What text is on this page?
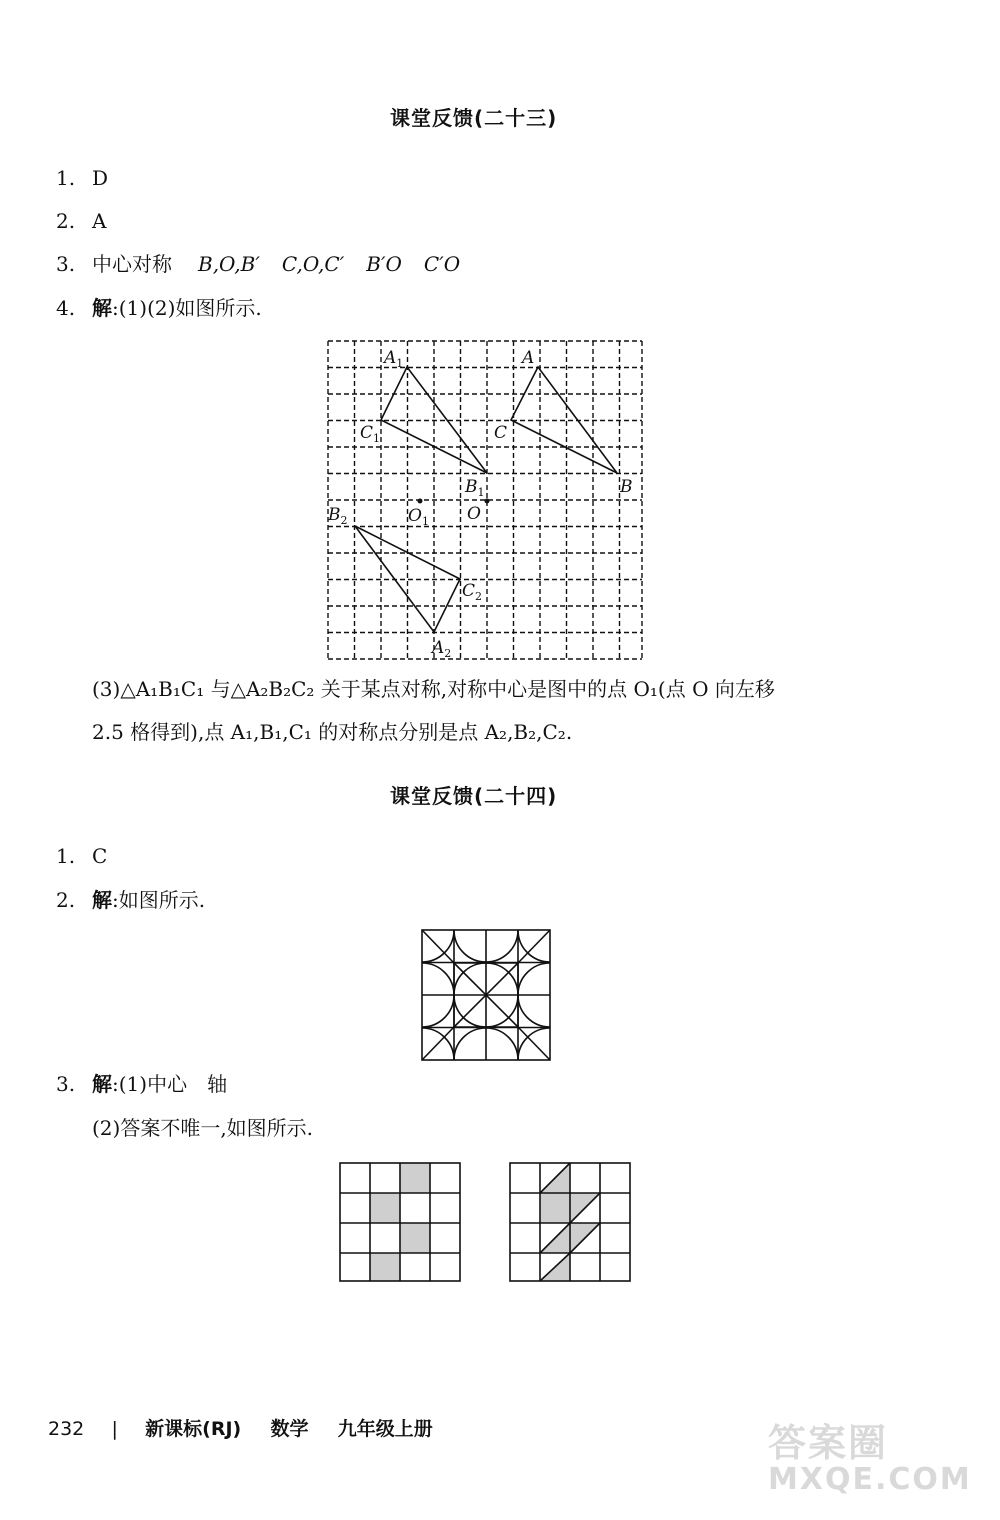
课堂反馈(二十三)
1. D
2. A
3. 中心对称 B,O,B′ C,O,C′ B′O C′O
4. 解:(1)(2)如图所示.
$A_1$
$C_1$
$B_1$
A
C
B
$O_1$ O
$B_2$
$C_2$
$A_2$
(3)△A₁B₁C₁ 与△A₂B₂C₂ 关于某点对称,对称中心是图中的点 O₁(点 O 向左移
2.5 格得到),点 A₁,B₁,C₁ 的对称点分别是点 A₂,B₂,C₂.
课堂反馈(二十四)
1. C
2. 解:如图所示.
3. 解:(1)中心　轴
(2)答案不唯一,如图所示.
232 | 新课标(RJ) 数学 九年级上册	答案圈
MXQE.COM
